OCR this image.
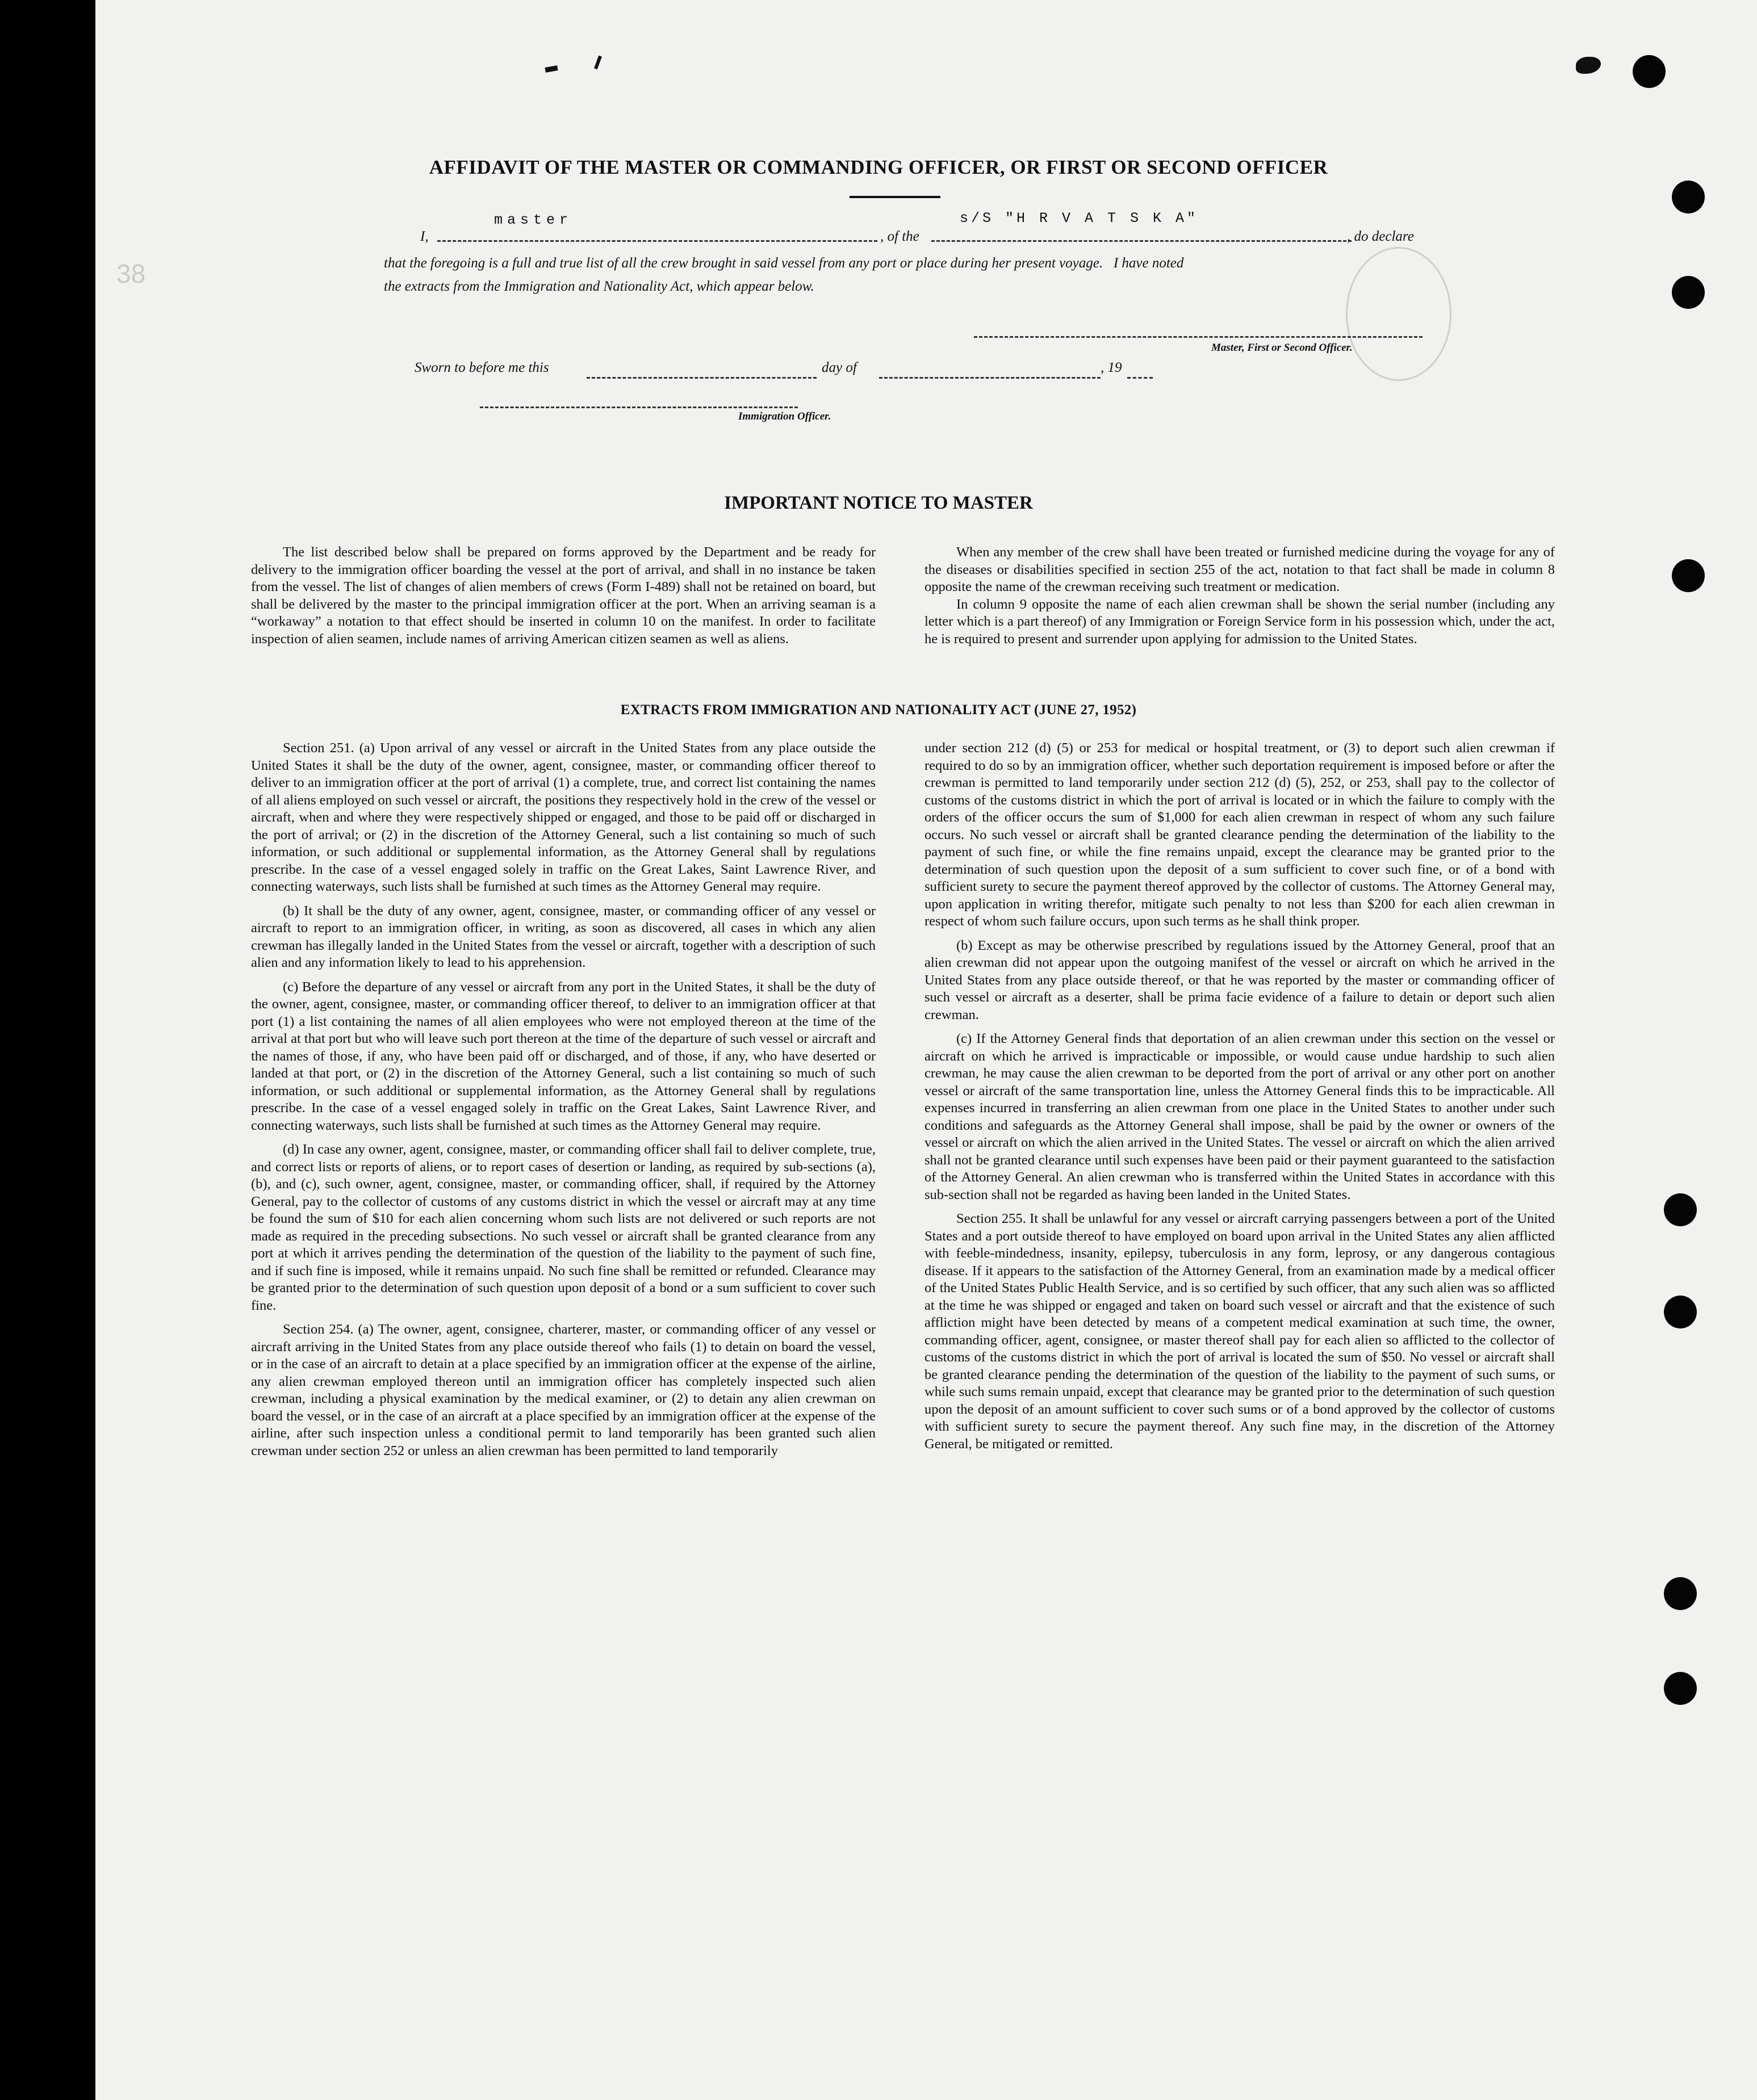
38
AFFIDAVIT OF THE MASTER OR COMMANDING OFFICER, OR FIRST OR SECOND OFFICER
I,
master
, of the
s/S "H R V A T S K A"
, do declare
that the foregoing is a full and true list of all the crew brought in said vessel from any port or place during her present voyage.   I have noted
the extracts from the Immigration and Nationality Act, which appear below.
Master, First or Second Officer.
Sworn to before me this	day of	, 19
Immigration Officer.
IMPORTANT NOTICE TO MASTER

The list described below shall be prepared on forms approved by the Department and be ready for delivery to the immigration officer boarding the vessel at the port of arrival, and shall in no instance be taken from the vessel. The list of changes of alien members of crews (Form I-489) shall not be retained on board, but shall be delivered by the master to the principal immigration officer at the port. When an arriving seaman is a “workaway” a notation to that effect should be inserted in column 10 on the manifest. In order to facilitate inspection of alien seamen, include names of arriving American citizen seamen as well as aliens.

When any member of the crew shall have been treated or furnished medicine during the voyage for any of the diseases or disabilities specified in section 255 of the act, notation to that fact shall be made in column 8 opposite the name of the crewman receiving such treatment or medication.

In column 9 opposite the name of each alien crewman shall be shown the serial number (including any letter which is a part thereof) of any Immigration or Foreign Service form in his possession which, under the act, he is required to present and surrender upon applying for admission to the United States.

EXTRACTS FROM IMMIGRATION AND NATIONALITY ACT (JUNE 27, 1952)

Section 251. (a) Upon arrival of any vessel or aircraft in the United States from any place outside the United States it shall be the duty of the owner, agent, consignee, master, or commanding officer thereof to deliver to an immigration officer at the port of arrival (1) a complete, true, and correct list containing the names of all aliens employed on such vessel or aircraft, the positions they respectively hold in the crew of the vessel or aircraft, when and where they were respectively shipped or engaged, and those to be paid off or discharged in the port of arrival; or (2) in the discretion of the Attorney General, such a list containing so much of such information, or such additional or supplemental information, as the Attorney General shall by regulations prescribe. In the case of a vessel engaged solely in traffic on the Great Lakes, Saint Lawrence River, and connecting waterways, such lists shall be furnished at such times as the Attorney General may require.

(b) It shall be the duty of any owner, agent, consignee, master, or commanding officer of any vessel or aircraft to report to an immigration officer, in writing, as soon as discovered, all cases in which any alien crewman has illegally landed in the United States from the vessel or aircraft, together with a description of such alien and any information likely to lead to his apprehension.

(c) Before the departure of any vessel or aircraft from any port in the United States, it shall be the duty of the owner, agent, consignee, master, or commanding officer thereof, to deliver to an immigration officer at that port (1) a list containing the names of all alien employees who were not employed thereon at the time of the arrival at that port but who will leave such port thereon at the time of the departure of such vessel or aircraft and the names of those, if any, who have been paid off or discharged, and of those, if any, who have deserted or landed at that port, or (2) in the discretion of the Attorney General, such a list containing so much of such information, or such additional or supplemental information, as the Attorney General shall by regulations prescribe. In the case of a vessel engaged solely in traffic on the Great Lakes, Saint Lawrence River, and connecting waterways, such lists shall be furnished at such times as the Attorney General may require.

(d) In case any owner, agent, consignee, master, or commanding officer shall fail to deliver complete, true, and correct lists or reports of aliens, or to report cases of desertion or landing, as required by sub-sections (a), (b), and (c), such owner, agent, consignee, master, or commanding officer, shall, if required by the Attorney General, pay to the collector of customs of any customs district in which the vessel or aircraft may at any time be found the sum of $10 for each alien concerning whom such lists are not delivered or such reports are not made as required in the preceding subsections. No such vessel or aircraft shall be granted clearance from any port at which it arrives pending the determination of the question of the liability to the payment of such fine, and if such fine is imposed, while it remains unpaid. No such fine shall be remitted or refunded. Clearance may be granted prior to the determination of such question upon deposit of a bond or a sum sufficient to cover such fine.

Section 254. (a) The owner, agent, consignee, charterer, master, or commanding officer of any vessel or aircraft arriving in the United States from any place outside thereof who fails (1) to detain on board the vessel, or in the case of an aircraft to detain at a place specified by an immigration officer at the expense of the airline, any alien crewman employed thereon until an immigration officer has completely inspected such alien crewman, including a physical examination by the medical examiner, or (2) to detain any alien crewman on board the vessel, or in the case of an aircraft at a place specified by an immigration officer at the expense of the airline, after such inspection unless a conditional permit to land temporarily has been granted such alien crewman under section 252 or unless an alien crewman has been permitted to land temporarily

under section 212 (d) (5) or 253 for medical or hospital treatment, or (3) to deport such alien crewman if required to do so by an immigration officer, whether such deportation requirement is imposed before or after the crewman is permitted to land temporarily under section 212 (d) (5), 252, or 253, shall pay to the collector of customs of the customs district in which the port of arrival is located or in which the failure to comply with the orders of the officer occurs the sum of $1,000 for each alien crewman in respect of whom any such failure occurs. No such vessel or aircraft shall be granted clearance pending the determination of the liability to the payment of such fine, or while the fine remains unpaid, except the clearance may be granted prior to the determination of such question upon the deposit of a sum sufficient to cover such fine, or of a bond with sufficient surety to secure the payment thereof approved by the collector of customs. The Attorney General may, upon application in writing therefor, mitigate such penalty to not less than $200 for each alien crewman in respect of whom such failure occurs, upon such terms as he shall think proper.

(b) Except as may be otherwise prescribed by regulations issued by the Attorney General, proof that an alien crewman did not appear upon the outgoing manifest of the vessel or aircraft on which he arrived in the United States from any place outside thereof, or that he was reported by the master or commanding officer of such vessel or aircraft as a deserter, shall be prima facie evidence of a failure to detain or deport such alien crewman.

(c) If the Attorney General finds that deportation of an alien crewman under this section on the vessel or aircraft on which he arrived is impracticable or impossible, or would cause undue hardship to such alien crewman, he may cause the alien crewman to be deported from the port of arrival or any other port on another vessel or aircraft of the same transportation line, unless the Attorney General finds this to be impracticable. All expenses incurred in transferring an alien crewman from one place in the United States to another under such conditions and safeguards as the Attorney General shall impose, shall be paid by the owner or owners of the vessel or aircraft on which the alien arrived in the United States. The vessel or aircraft on which the alien arrived shall not be granted clearance until such expenses have been paid or their payment guaranteed to the satisfaction of the Attorney General. An alien crewman who is transferred within the United States in accordance with this sub-section shall not be regarded as having been landed in the United States.

Section 255. It shall be unlawful for any vessel or aircraft carrying passengers between a port of the United States and a port outside thereof to have employed on board upon arrival in the United States any alien afflicted with feeble-mindedness, insanity, epilepsy, tuberculosis in any form, leprosy, or any dangerous contagious disease. If it appears to the satisfaction of the Attorney General, from an examination made by a medical officer of the United States Public Health Service, and is so certified by such officer, that any such alien was so afflicted at the time he was shipped or engaged and taken on board such vessel or aircraft and that the existence of such affliction might have been detected by means of a competent medical examination at such time, the owner, commanding officer, agent, consignee, or master thereof shall pay for each alien so afflicted to the collector of customs of the customs district in which the port of arrival is located the sum of $50. No vessel or aircraft shall be granted clearance pending the determination of the question of the liability to the payment of such sums, or while such sums remain unpaid, except that clearance may be granted prior to the determination of such question upon the deposit of an amount sufficient to cover such sums or of a bond approved by the collector of customs with sufficient surety to secure the payment thereof. Any such fine may, in the discretion of the Attorney General, be mitigated or remitted.
